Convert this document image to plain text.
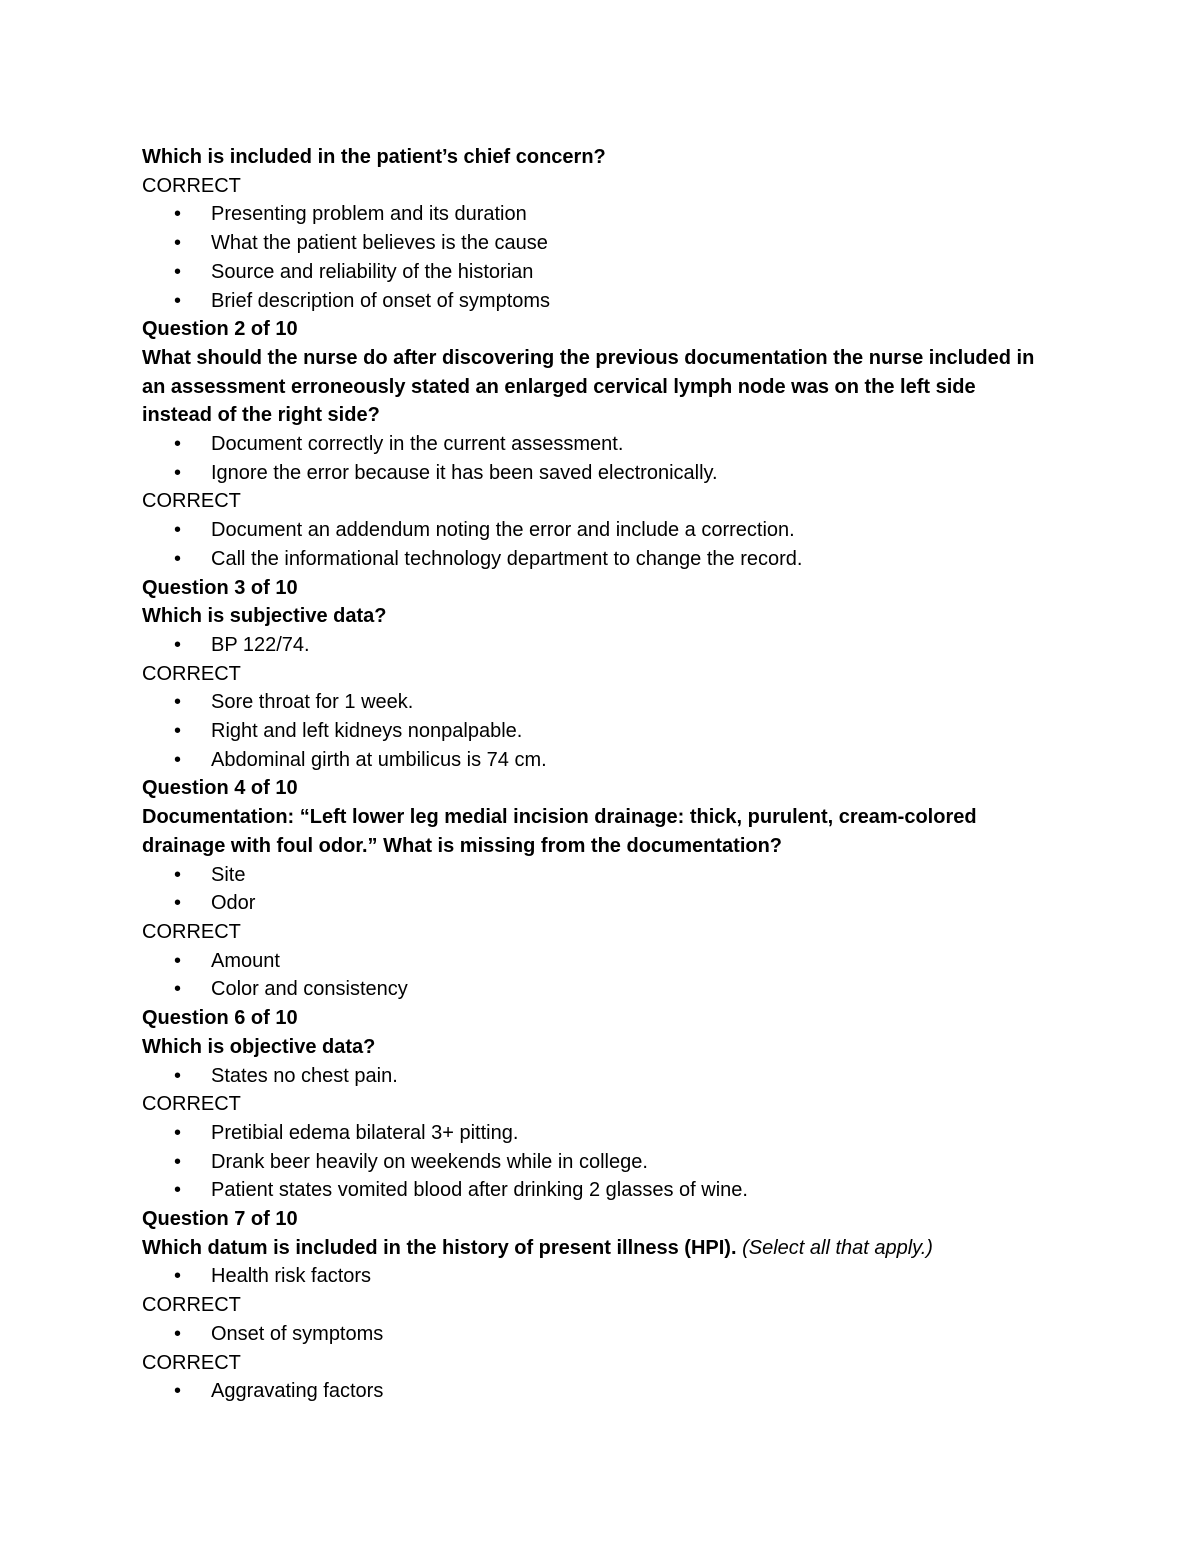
Which is included in the patient’s chief concern?

CORRECT

• Presenting problem and its duration

• What the patient believes is the cause

• Source and reliability of the historian

• Brief description of onset of symptoms

Question 2 of 10

What should the nurse do after discovering the previous documentation the nurse included in

an assessment erroneously stated an enlarged cervical lymph node was on the left side

instead of the right side?

• Document correctly in the current assessment.

• Ignore the error because it has been saved electronically.

CORRECT

• Document an addendum noting the error and include a correction.

• Call the informational technology department to change the record.

Question 3 of 10

Which is subjective data?

• BP 122/74.

CORRECT

• Sore throat for 1 week.

• Right and left kidneys nonpalpable.

• Abdominal girth at umbilicus is 74 cm.

Question 4 of 10

Documentation: “Left lower leg medial incision drainage: thick, purulent, cream-colored

drainage with foul odor.” What is missing from the documentation?

• Site

• Odor

CORRECT

• Amount

• Color and consistency

Question 6 of 10

Which is objective data?

• States no chest pain.

CORRECT

• Pretibial edema bilateral 3+ pitting.

• Drank beer heavily on weekends while in college.

• Patient states vomited blood after drinking 2 glasses of wine.

Question 7 of 10

Which datum is included in the history of present illness (HPI). (Select all that apply.)

• Health risk factors

CORRECT

• Onset of symptoms

CORRECT

• Aggravating factors
